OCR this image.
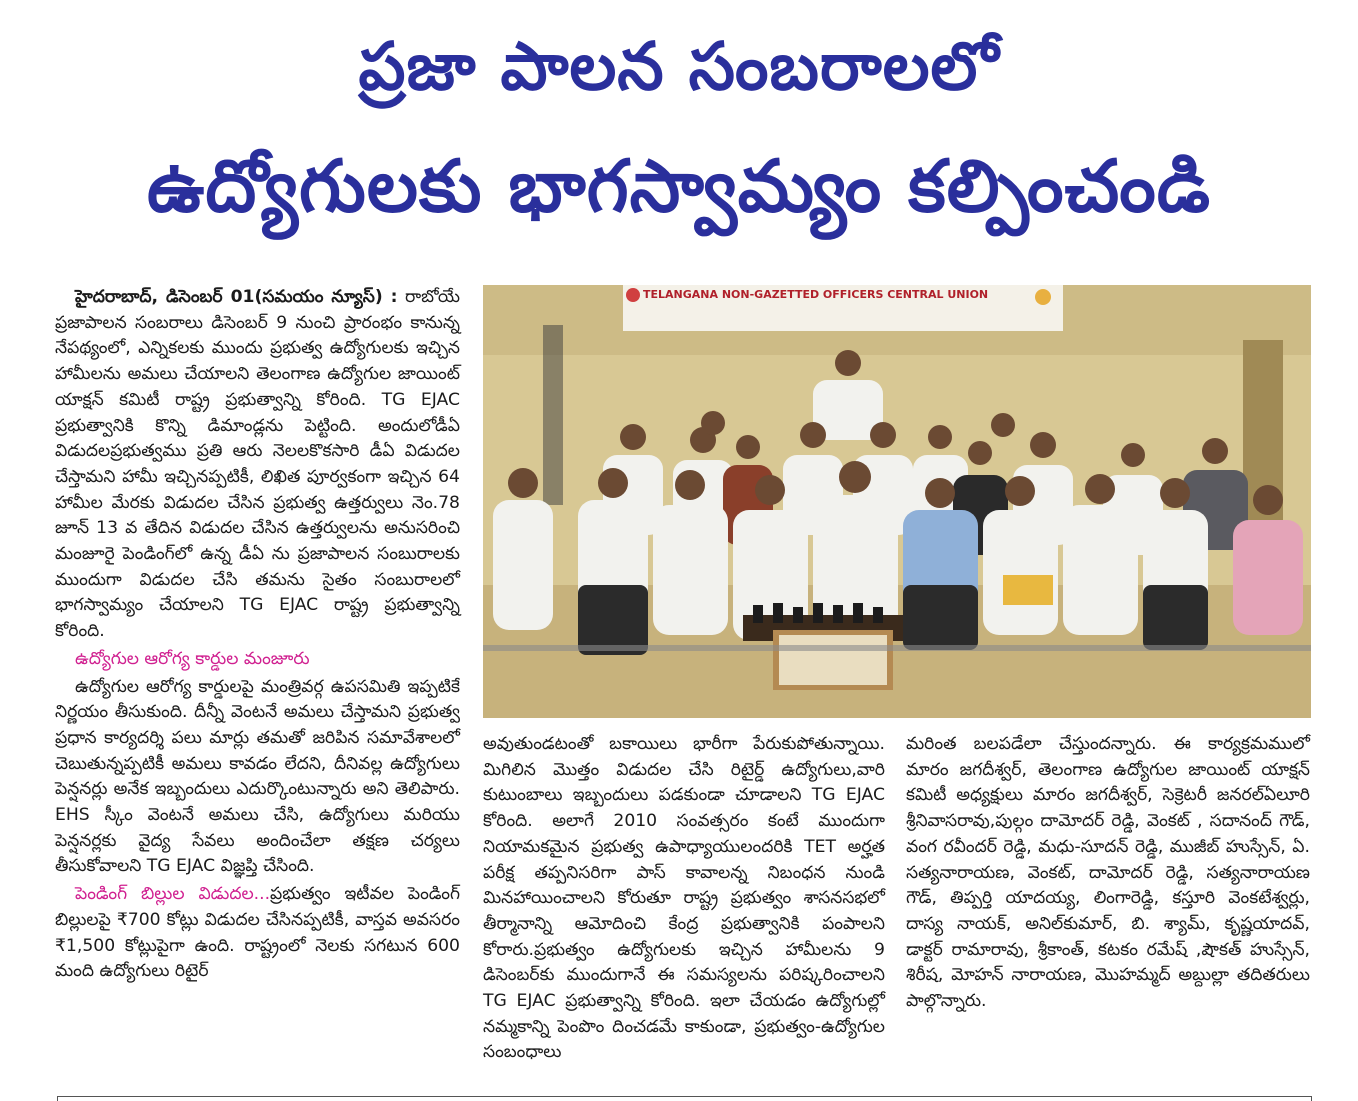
ప్రజా పాలన సంబరాలలో
ఉద్యోగులకు భాగస్వామ్యం కల్పించండి

హైదరాబాద్, డిసెంబర్ 01(సమయం న్యూస్) : రాబోయే ప్రజాపాలన సంబరాలు డిసెంబర్ 9 నుంచి ప్రారంభం కానున్న నేపథ్యంలో, ఎన్నికలకు ముందు ప్రభుత్వ ఉద్యోగులకు ఇచ్చిన హామీలను అమలు చేయాలని తెలంగాణ ఉద్యోగుల జాయింట్ యాక్షన్ కమిటీ రాష్ట్ర ప్రభుత్వాన్ని కోరింది. TG EJAC ప్రభుత్వానికి కొన్ని డిమాండ్లను పెట్టింది. అందులోడీఏ విడుదలప్రభుత్వము ప్రతి ఆరు నెలలకొకసారి డీఏ విడుదల చేస్తామని హామీ ఇచ్చినప్పటికీ, లిఖిత పూర్వకంగా ఇచ్చిన 64 హామీల మేరకు విడుదల చేసిన ప్రభుత్వ ఉత్తర్వులు నెం.78 జూన్ 13 వ తేదిన విడుదల చేసిన ఉత్తర్వులను అనుసరించి మంజూరై పెండింగ్‌లో ఉన్న డీఏ ను ప్రజాపాలన సంబురాలకు ముందుగా విడుదల చేసి తమను సైతం సంబురాలలో భాగస్వామ్యం చేయాలని TG EJAC రాష్ట్ర ప్రభుత్వాన్ని కోరింది.

ఉద్యోగుల ఆరోగ్య కార్డుల మంజూరు

ఉద్యోగుల ఆరోగ్య కార్డులపై మంత్రివర్గ ఉపసమితి ఇప్పటికే నిర్ణయం తీసుకుంది. దీన్నీ వెంటనే అమలు చేస్తామని ప్రభుత్వ ప్రధాన కార్యదర్శి పలు మార్లు తమతో జరిపిన సమావేశాలలో చెబుతున్నప్పటికీ అమలు కావడం లేదని, దీనివల్ల ఉద్యోగులు పెన్షనర్లు అనేక ఇబ్బందులు ఎదుర్కొంటున్నారు అని తెలిపారు. EHS స్కీం వెంటనే అమలు చేసి, ఉద్యోగులు మరియు పెన్షనర్లకు వైద్య సేవలు అందించేలా తక్షణ చర్యలు తీసుకోవాలని TG EJAC విజ్ఞప్తి చేసింది.

పెండింగ్ బిల్లుల విడుదల...ప్రభుత్వం ఇటీవల పెండింగ్ బిల్లులపై ₹700 కోట్లు విడుదల చేసినప్పటికీ, వాస్తవ అవసరం ₹1,500 కోట్లుపైగా ఉంది. రాష్ట్రంలో నెలకు సగటున 600 మంది ఉద్యోగులు రిటైర్

TELANGANA NON-GAZETTED OFFICERS CENTRAL UNION

అవుతుండటంతో బకాయిలు భారీగా పేరుకుపోతున్నాయి. మిగిలిన మొత్తం విడుదల చేసి రిటైర్డ్ ఉద్యోగులు,వారి కుటుంబాలు ఇబ్బందులు పడకుండా చూడాలని TG EJAC కోరింది. అలాగే 2010 సంవత్సరం కంటే ముందుగా నియామకమైన ప్రభుత్వ ఉపాధ్యాయులందరికి TET అర్హత పరీక్ష తప్పనిసరిగా పాస్ కావాలన్న నిబంధన నుండి మినహాయించాలని కోరుతూ రాష్ట్ర ప్రభుత్వం శాసనసభలో తీర్మానాన్ని ఆమోదించి కేంద్ర ప్రభుత్వానికి పంపాలని కోరారు.ప్రభుత్వం ఉద్యోగులకు ఇచ్చిన హామీలను 9 డిసెంబర్‌కు ముందుగానే ఈ సమస్యలను పరిష్కరించాలని TG EJAC ప్రభుత్వాన్ని కోరింది. ఇలా చేయడం ఉద్యోగుల్లో నమ్మకాన్ని పెంపొం దించడమే కాకుండా, ప్రభుత్వం-ఉద్యోగుల సంబంధాలు

మరింత బలపడేలా చేస్తుందన్నారు. ఈ కార్యక్రమములో మారం జగదీశ్వర్, తెలంగాణ ఉద్యోగుల జాయింట్ యాక్షన్ కమిటీ అధ్యక్షులు మారం జగదీశ్వర్, సెక్రెటరీ జనరల్ఏలూరి శ్రీనివాసరావు,పుల్గం దామోదర్ రెడ్డి, వెంకట్ , సదానంద్ గౌడ్, వంగ రవీందర్ రెడ్డి, మధు-సూదన్ రెడ్డి, ముజీబ్ హుస్సేన్, ఏ. సత్యనారాయణ, వెంకట్, దామోదర్ రెడ్డి, సత్యనారాయణ గౌడ్, తిప్పర్తి యాదయ్య, లింగారెడ్డి, కస్తూరి వెంకటేశ్వర్లు, దాస్య నాయక్, అనిల్‌కుమార్, బి. శ్యామ్, కృష్ణయాదవ్, డాక్టర్ రామారావు, శ్రీకాంత్, కటకం రమేష్ ,షౌకత్ హుస్సేన్, శిరీష, మోహన్ నారాయణ, మొహమ్మద్ అబ్దుల్లా తదితరులు పాల్గొన్నారు.
